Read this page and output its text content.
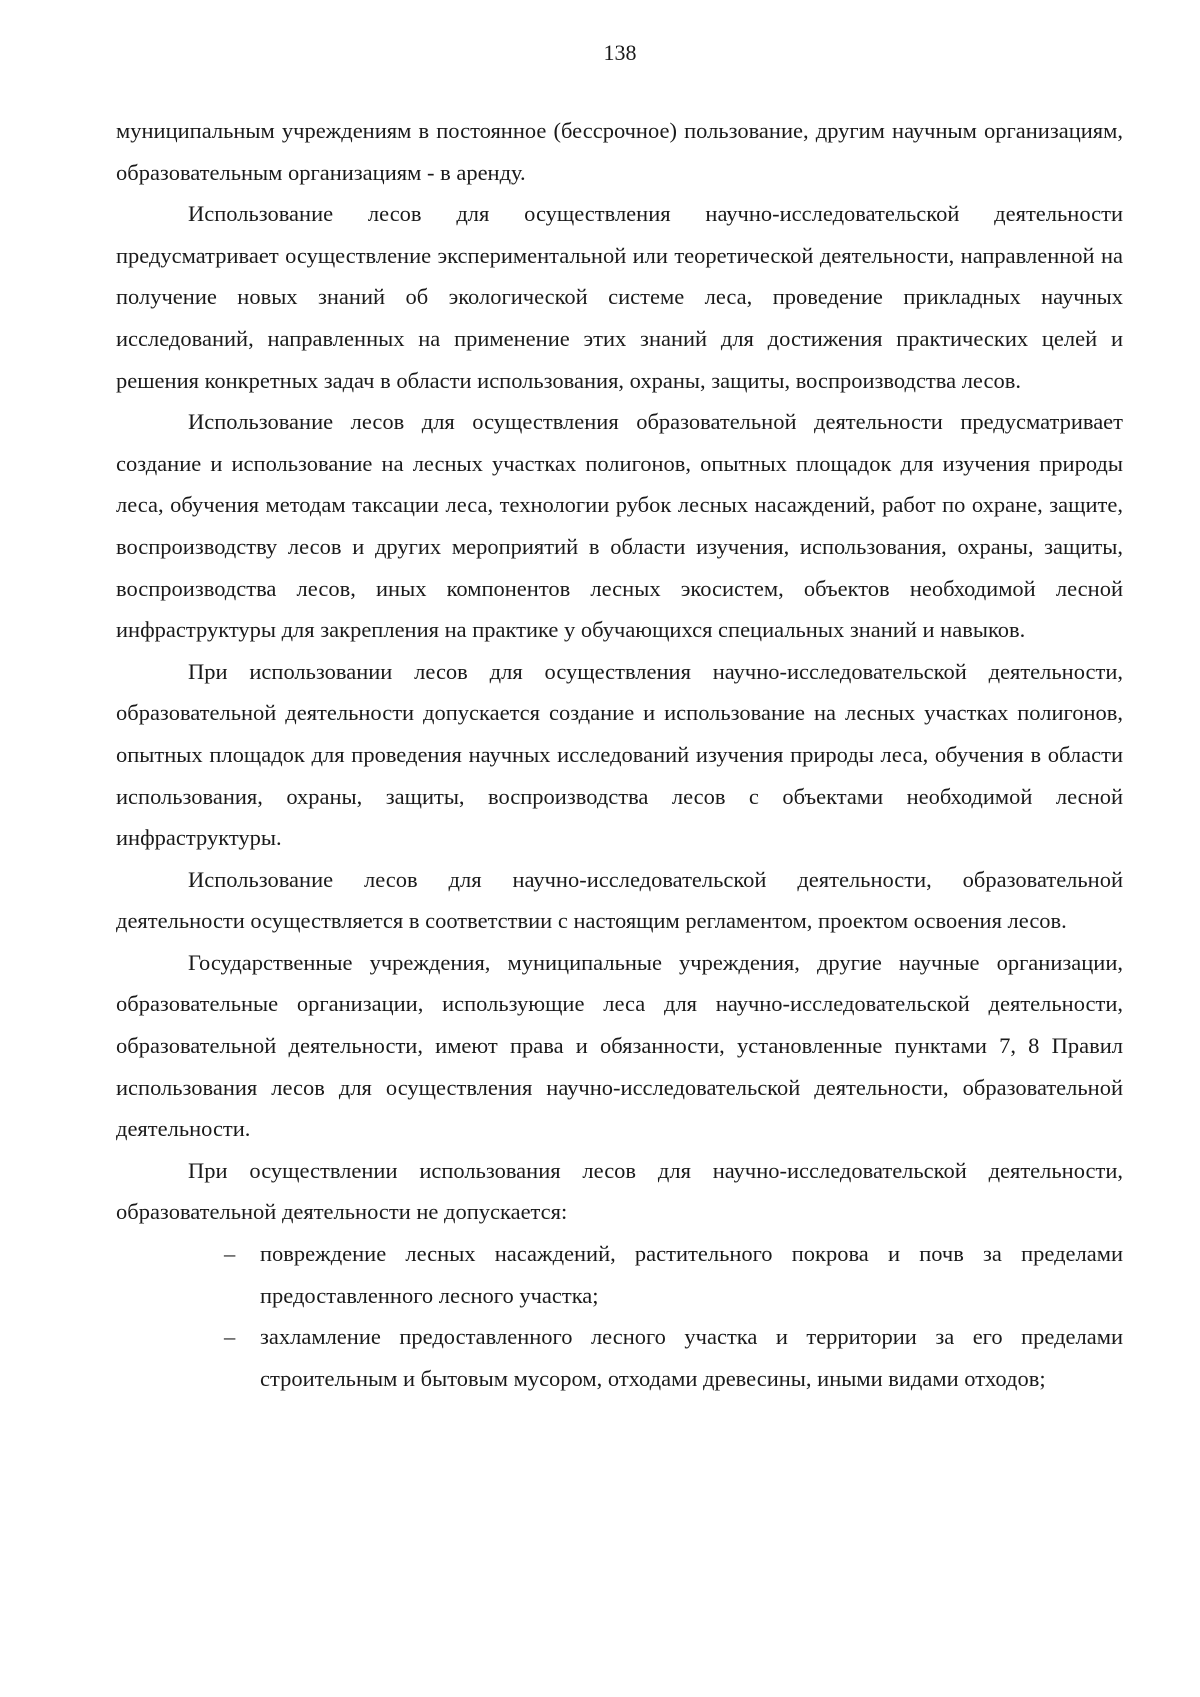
138

муниципальным учреждениям в постоянное (бессрочное) пользование, другим научным организациям, образовательным организациям - в аренду.

Использование лесов для осуществления научно-исследовательской деятельности предусматривает осуществление экспериментальной или теоретической деятельности, направленной на получение новых знаний об экологической системе леса, проведение прикладных научных исследований, направленных на применение этих знаний для достижения практических целей и решения конкретных задач в области использования, охраны, защиты, воспроизводства лесов.

Использование лесов для осуществления образовательной деятельности предусматривает создание и использование на лесных участках полигонов, опытных площадок для изучения природы леса, обучения методам таксации леса, технологии рубок лесных насаждений, работ по охране, защите, воспроизводству лесов и других мероприятий в области изучения, использования, охраны, защиты, воспроизводства лесов, иных компонентов лесных экосистем, объектов необходимой лесной инфраструктуры для закрепления на практике у обучающихся специальных знаний и навыков.

При использовании лесов для осуществления научно-исследовательской деятельности, образовательной деятельности допускается создание и использование на лесных участках полигонов, опытных площадок для проведения научных исследований изучения природы леса, обучения в области использования, охраны, защиты, воспроизводства лесов с объектами необходимой лесной инфраструктуры.

Использование лесов для научно-исследовательской деятельности, образовательной деятельности осуществляется в соответствии с настоящим регламентом, проектом освоения лесов.

Государственные учреждения, муниципальные учреждения, другие научные организации, образовательные организации, использующие леса для научно-исследовательской деятельности, образовательной деятельности, имеют права и обязанности, установленные пунктами 7, 8 Правил использования лесов для осуществления научно-исследовательской деятельности, образовательной деятельности.

При осуществлении использования лесов для научно-исследовательской деятельности, образовательной деятельности не допускается:

– повреждение лесных насаждений, растительного покрова и почв за пределами предоставленного лесного участка;
– захламление предоставленного лесного участка и территории за его пределами строительным и бытовым мусором, отходами древесины, иными видами отходов;
